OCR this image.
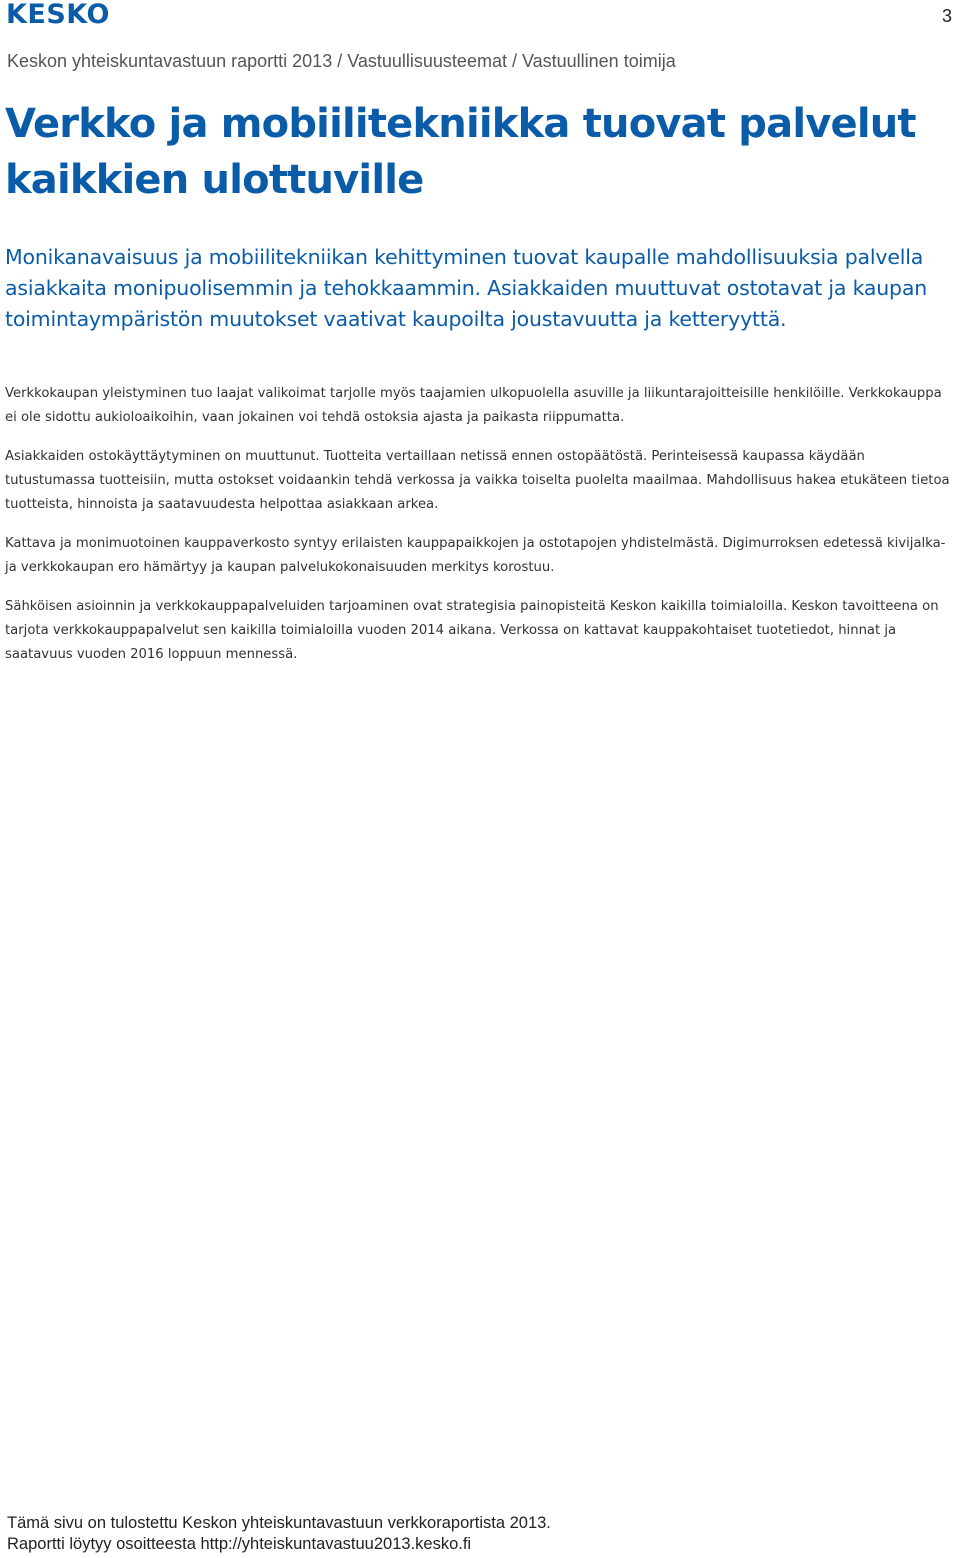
KESKO	3
Keskon yhteiskuntavastuun raportti 2013 / Vastuullisuusteemat / Vastuullinen toimija
Verkko ja mobiilitekniikka tuovat palvelut kaikkien ulottuville

Monikanavaisuus ja mobiilitekniikan kehittyminen tuovat kaupalle mahdollisuuksia palvella asiakkaita monipuolisemmin ja tehokkaammin. Asiakkaiden muuttuvat ostotavat ja kaupan toimintaympäristön muutokset vaativat kaupoilta joustavuutta ja ketteryyttä.

Verkkokaupan yleistyminen tuo laajat valikoimat tarjolle myös taajamien ulkopuolella asuville ja liikuntarajoitteisille henkilöille. Verkkokauppa ei ole sidottu aukioloaikoihin, vaan jokainen voi tehdä ostoksia ajasta ja paikasta riippumatta.

Asiakkaiden ostokäyttäytyminen on muuttunut. Tuotteita vertaillaan netissä ennen ostopäätöstä. Perinteisessä kaupassa käydään tutustumassa tuotteisiin, mutta ostokset voidaankin tehdä verkossa ja vaikka toiselta puolelta maailmaa. Mahdollisuus hakea etukäteen tietoa tuotteista, hinnoista ja saatavuudesta helpottaa asiakkaan arkea.

Kattava ja monimuotoinen kauppaverkosto syntyy erilaisten kauppapaikkojen ja ostotapojen yhdistelmästä. Digimurroksen edetessä kivijalka- ja verkkokaupan ero hämärtyy ja kaupan palvelukokonaisuuden merkitys korostuu.

Sähköisen asioinnin ja verkkokauppapalveluiden tarjoaminen ovat strategisia painopisteitä Keskon kaikilla toimialoilla. Keskon tavoitteena on tarjota verkkokauppapalvelut sen kaikilla toimialoilla vuoden 2014 aikana. Verkossa on kattavat kauppakohtaiset tuotetiedot, hinnat ja saatavuus vuoden 2016 loppuun mennessä.

Tämä sivu on tulostettu Keskon yhteiskuntavastuun verkkoraportista 2013.
Raportti löytyy osoitteesta http://yhteiskuntavastuu2013.kesko.fi
